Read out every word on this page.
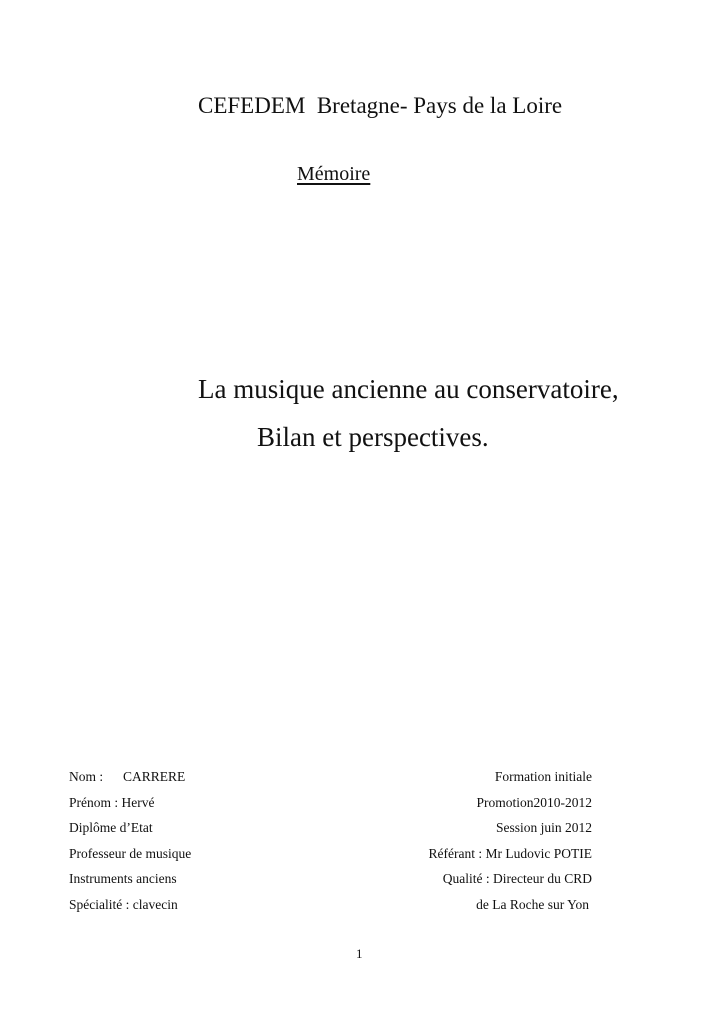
CEFEDEM  Bretagne- Pays de la Loire
Mémoire
La musique ancienne au conservatoire,
Bilan et perspectives.
Nom : CARRERE
Prénom : Hervé
Diplôme d’Etat
Professeur de musique
Instruments anciens
Spécialité : clavecin
Formation initiale
Promotion2010-2012
Session juin 2012
Référant : Mr Ludovic POTIE
Qualité : Directeur du CRD
de La Roche sur Yon
1
